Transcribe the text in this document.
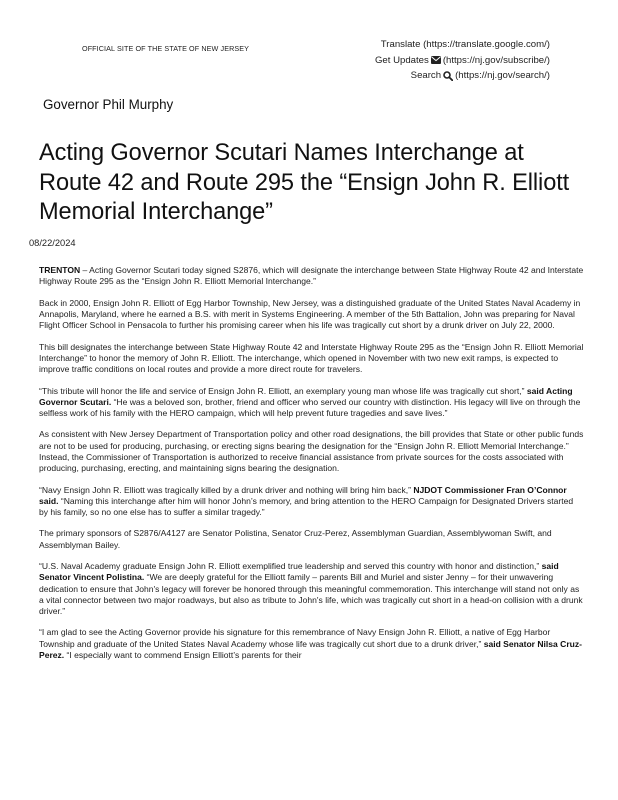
OFFICIAL SITE OF THE STATE OF NEW JERSEY	Translate (https://translate.google.com/)
Get Updates (https://nj.gov/subscribe/)
Search (https://nj.gov/search/)
Governor Phil Murphy
Acting Governor Scutari Names Interchange at Route 42 and Route 295 the “Ensign John R. Elliott Memorial Interchange”
08/22/2024

TRENTON – Acting Governor Scutari today signed S2876, which will designate the interchange between State Highway Route 42 and Interstate Highway Route 295 as the “Ensign John R. Elliott Memorial Interchange.”

Back in 2000, Ensign John R. Elliott of Egg Harbor Township, New Jersey, was a distinguished graduate of the United States Naval Academy in Annapolis, Maryland, where he earned a B.S. with merit in Systems Engineering. A member of the 5th Battalion, John was preparing for Naval Flight Officer School in Pensacola to further his promising career when his life was tragically cut short by a drunk driver on July 22, 2000.

This bill designates the interchange between State Highway Route 42 and Interstate Highway Route 295 as the “Ensign John R. Elliott Memorial Interchange” to honor the memory of John R. Elliott. The interchange, which opened in November with two new exit ramps, is expected to improve traffic conditions on local routes and provide a more direct route for travelers.

“This tribute will honor the life and service of Ensign John R. Elliott, an exemplary young man whose life was tragically cut short,” said Acting Governor Scutari. “He was a beloved son, brother, friend and officer who served our country with distinction. His legacy will live on through the selfless work of his family with the HERO campaign, which will help prevent future tragedies and save lives.”

As consistent with New Jersey Department of Transportation policy and other road designations, the bill provides that State or other public funds are not to be used for producing, purchasing, or erecting signs bearing the designation for the “Ensign John R. Elliott Memorial Interchange.” Instead, the Commissioner of Transportation is authorized to receive financial assistance from private sources for the costs associated with producing, purchasing, erecting, and maintaining signs bearing the designation.

“Navy Ensign John R. Elliott was tragically killed by a drunk driver and nothing will bring him back,” NJDOT Commissioner Fran O’Connor said. “Naming this interchange after him will honor John’s memory, and bring attention to the HERO Campaign for Designated Drivers started by his family, so no one else has to suffer a similar tragedy.”

The primary sponsors of S2876/A4127 are Senator Polistina, Senator Cruz-Perez, Assemblyman Guardian, Assemblywoman Swift, and Assemblyman Bailey.

“U.S. Naval Academy graduate Ensign John R. Elliott exemplified true leadership and served this country with honor and distinction,” said Senator Vincent Polistina. “We are deeply grateful for the Elliott family – parents Bill and Muriel and sister Jenny – for their unwavering dedication to ensure that John's legacy will forever be honored through this meaningful commemoration. This interchange will stand not only as a vital connector between two major roadways, but also as tribute to John's life, which was tragically cut short in a head-on collision with a drunk driver.”

“I am glad to see the Acting Governor provide his signature for this remembrance of Navy Ensign John R. Elliott, a native of Egg Harbor Township and graduate of the United States Naval Academy whose life was tragically cut short due to a drunk driver,” said Senator Nilsa Cruz-Perez. “I especially want to commend Ensign Elliott’s parents for their
